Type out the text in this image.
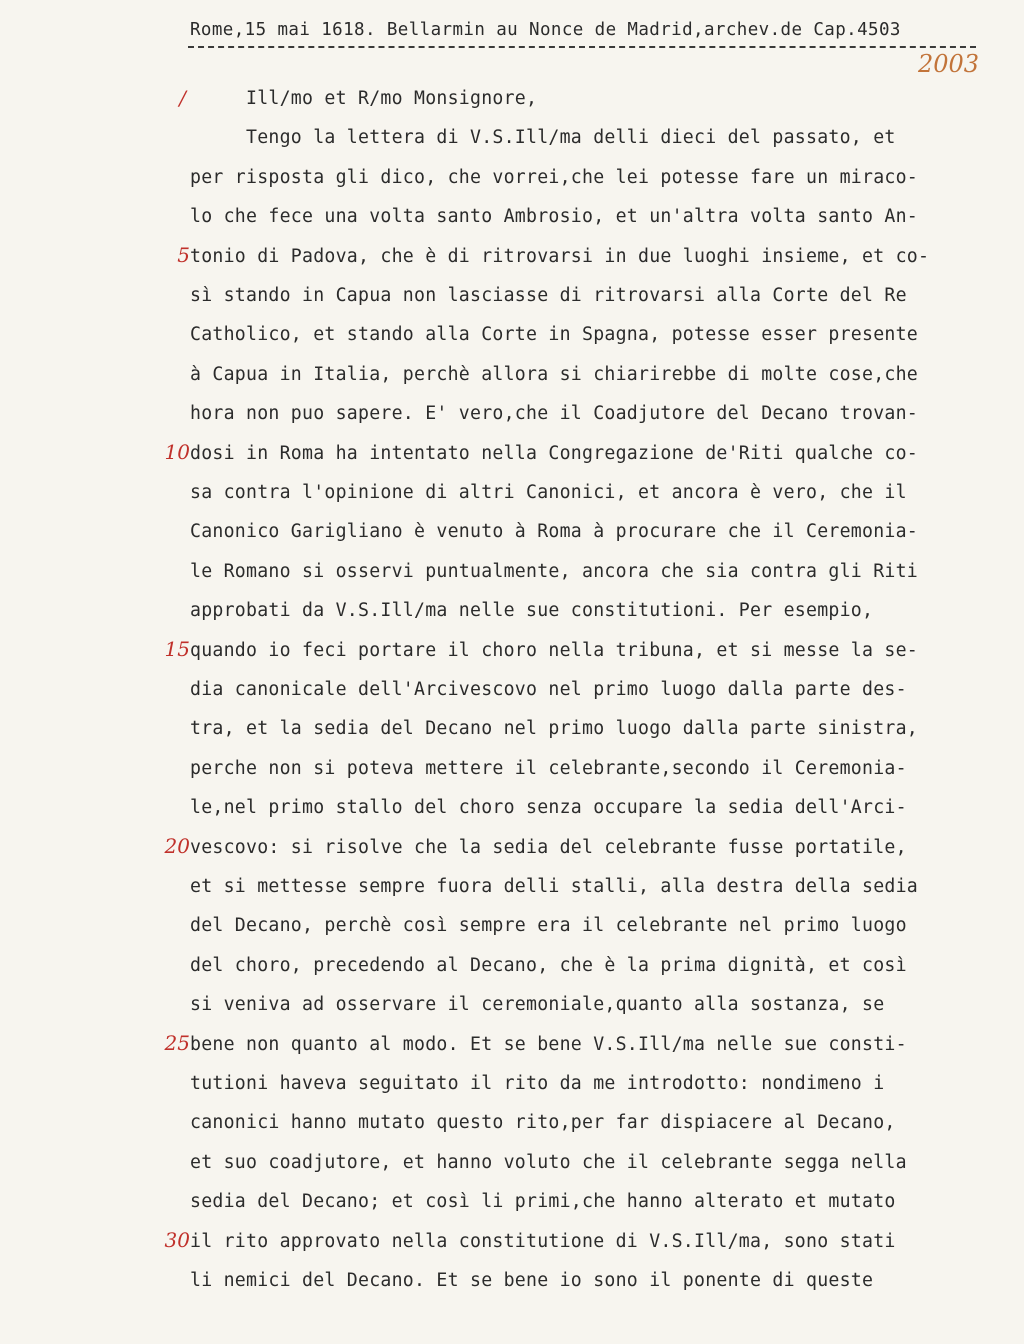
Rome,15 mai 1618. Bellarmin au Nonce de Madrid,archev.de Cap.4503
2003
Ill/mo et R/mo Monsignore,
Tengo la lettera di V.S.Ill/ma delli dieci del passato, et
per risposta gli dico, che vorrei,che lei potesse fare un miraco-
lo che fece una volta santo Ambrosio, et un'altra volta santo An-
tonio di Padova, che è di ritrovarsi in due luoghi insieme, et co-
sì stando in Capua non lasciasse di ritrovarsi alla Corte del Re
Catholico, et stando alla Corte in Spagna, potesse esser presente
à Capua in Italia, perchè allora si chiarirebbe di molte cose,che
hora non puo sapere. E' vero,che il Coadjutore del Decano trovan-
dosi in Roma ha intentato nella Congregazione de'Riti qualche co-
sa contra l'opinione di altri Canonici, et ancora è vero, che il
Canonico Garigliano è venuto à Roma à procurare che il Ceremonia-
le Romano si osservi puntualmente, ancora che sia contra gli Riti
approbati da V.S.Ill/ma nelle sue constitutioni. Per esempio,
quando io feci portare il choro nella tribuna, et si messe la se-
dia canonicale dell'Arcivescovo nel primo luogo dalla parte des-
tra, et la sedia del Decano nel primo luogo dalla parte sinistra,
perche non si poteva mettere il celebrante,secondo il Ceremonia-
le,nel primo stallo del choro senza occupare la sedia dell'Arci-
vescovo: si risolve che la sedia del celebrante fusse portatile,
et si mettesse sempre fuora delli stalli, alla destra della sedia
del Decano, perchè così sempre era il celebrante nel primo luogo
del choro, precedendo al Decano, che è la prima dignità, et così
si veniva ad osservare il ceremoniale,quanto alla sostanza, se
bene non quanto al modo. Et se bene V.S.Ill/ma nelle sue consti-
tutioni haveva seguitato il rito da me introdotto: nondimeno i
canonici hanno mutato questo rito,per far dispiacere al Decano,
et suo coadjutore, et hanno voluto che il celebrante segga nella
sedia del Decano; et così li primi,che hanno alterato et mutato
il rito approvato nella constitutione di V.S.Ill/ma, sono stati
li nemici del Decano. Et se bene io sono il ponente di queste
/
5
10
15
20
25
30
